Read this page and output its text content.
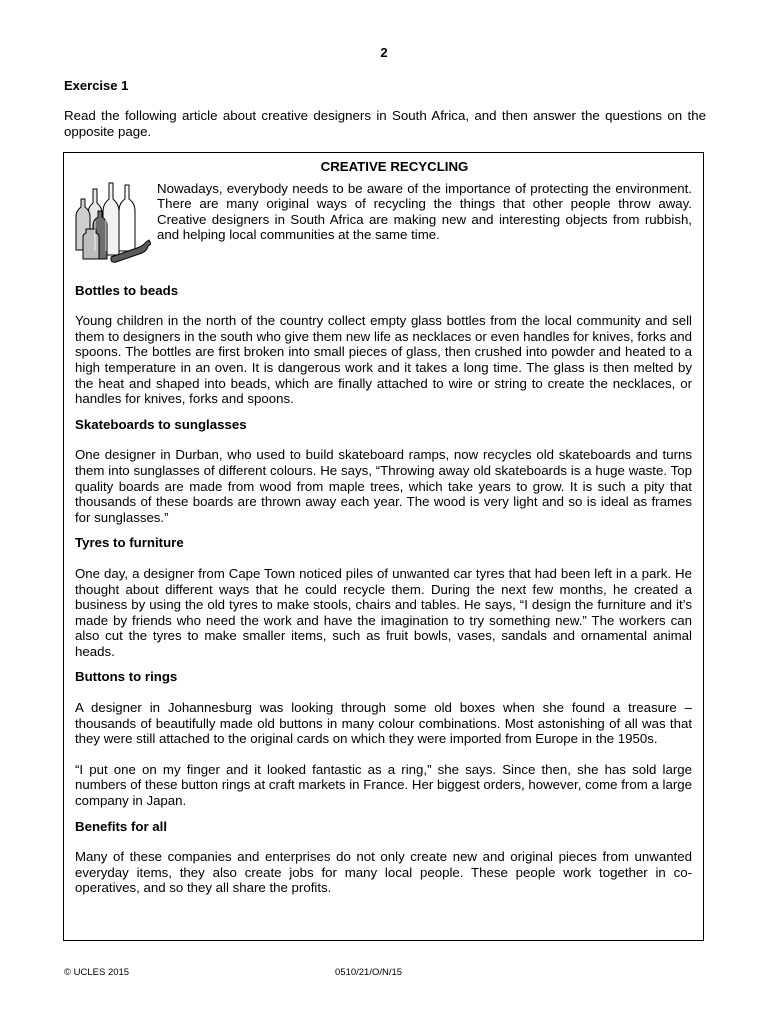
2
Exercise 1
Read the following article about creative designers in South Africa, and then answer the questions on the opposite page.
CREATIVE RECYCLING

Nowadays, everybody needs to be aware of the importance of protecting the environment. There are many original ways of recycling the things that other people throw away. Creative designers in South Africa are making new and interesting objects from rubbish, and helping local communities at the same time.

Bottles to beads

Young children in the north of the country collect empty glass bottles from the local community and sell them to designers in the south who give them new life as necklaces or even handles for knives, forks and spoons. The bottles are first broken into small pieces of glass, then crushed into powder and heated to a high temperature in an oven. It is dangerous work and it takes a long time. The glass is then melted by the heat and shaped into beads, which are finally attached to wire or string to create the necklaces, or handles for knives, forks and spoons.

Skateboards to sunglasses

One designer in Durban, who used to build skateboard ramps, now recycles old skateboards and turns them into sunglasses of different colours. He says, “Throwing away old skateboards is a huge waste. Top quality boards are made from wood from maple trees, which take years to grow. It is such a pity that thousands of these boards are thrown away each year. The wood is very light and so is ideal as frames for sunglasses.”

Tyres to furniture

One day, a designer from Cape Town noticed piles of unwanted car tyres that had been left in a park. He thought about different ways that he could recycle them. During the next few months, he created a business by using the old tyres to make stools, chairs and tables. He says, “I design the furniture and it’s made by friends who need the work and have the imagination to try something new.” The workers can also cut the tyres to make smaller items, such as fruit bowls, vases, sandals and ornamental animal heads.

Buttons to rings

A designer in Johannesburg was looking through some old boxes when she found a treasure – thousands of beautifully made old buttons in many colour combinations. Most astonishing of all was that they were still attached to the original cards on which they were imported from Europe in the 1950s.

“I put one on my finger and it looked fantastic as a ring,” she says. Since then, she has sold large numbers of these button rings at craft markets in France. Her biggest orders, however, come from a large company in Japan.

Benefits for all

Many of these companies and enterprises do not only create new and original pieces from unwanted everyday items, they also create jobs for many local people. These people work together in co-operatives, and so they all share the profits.

© UCLES 2015	0510/21/O/N/15
